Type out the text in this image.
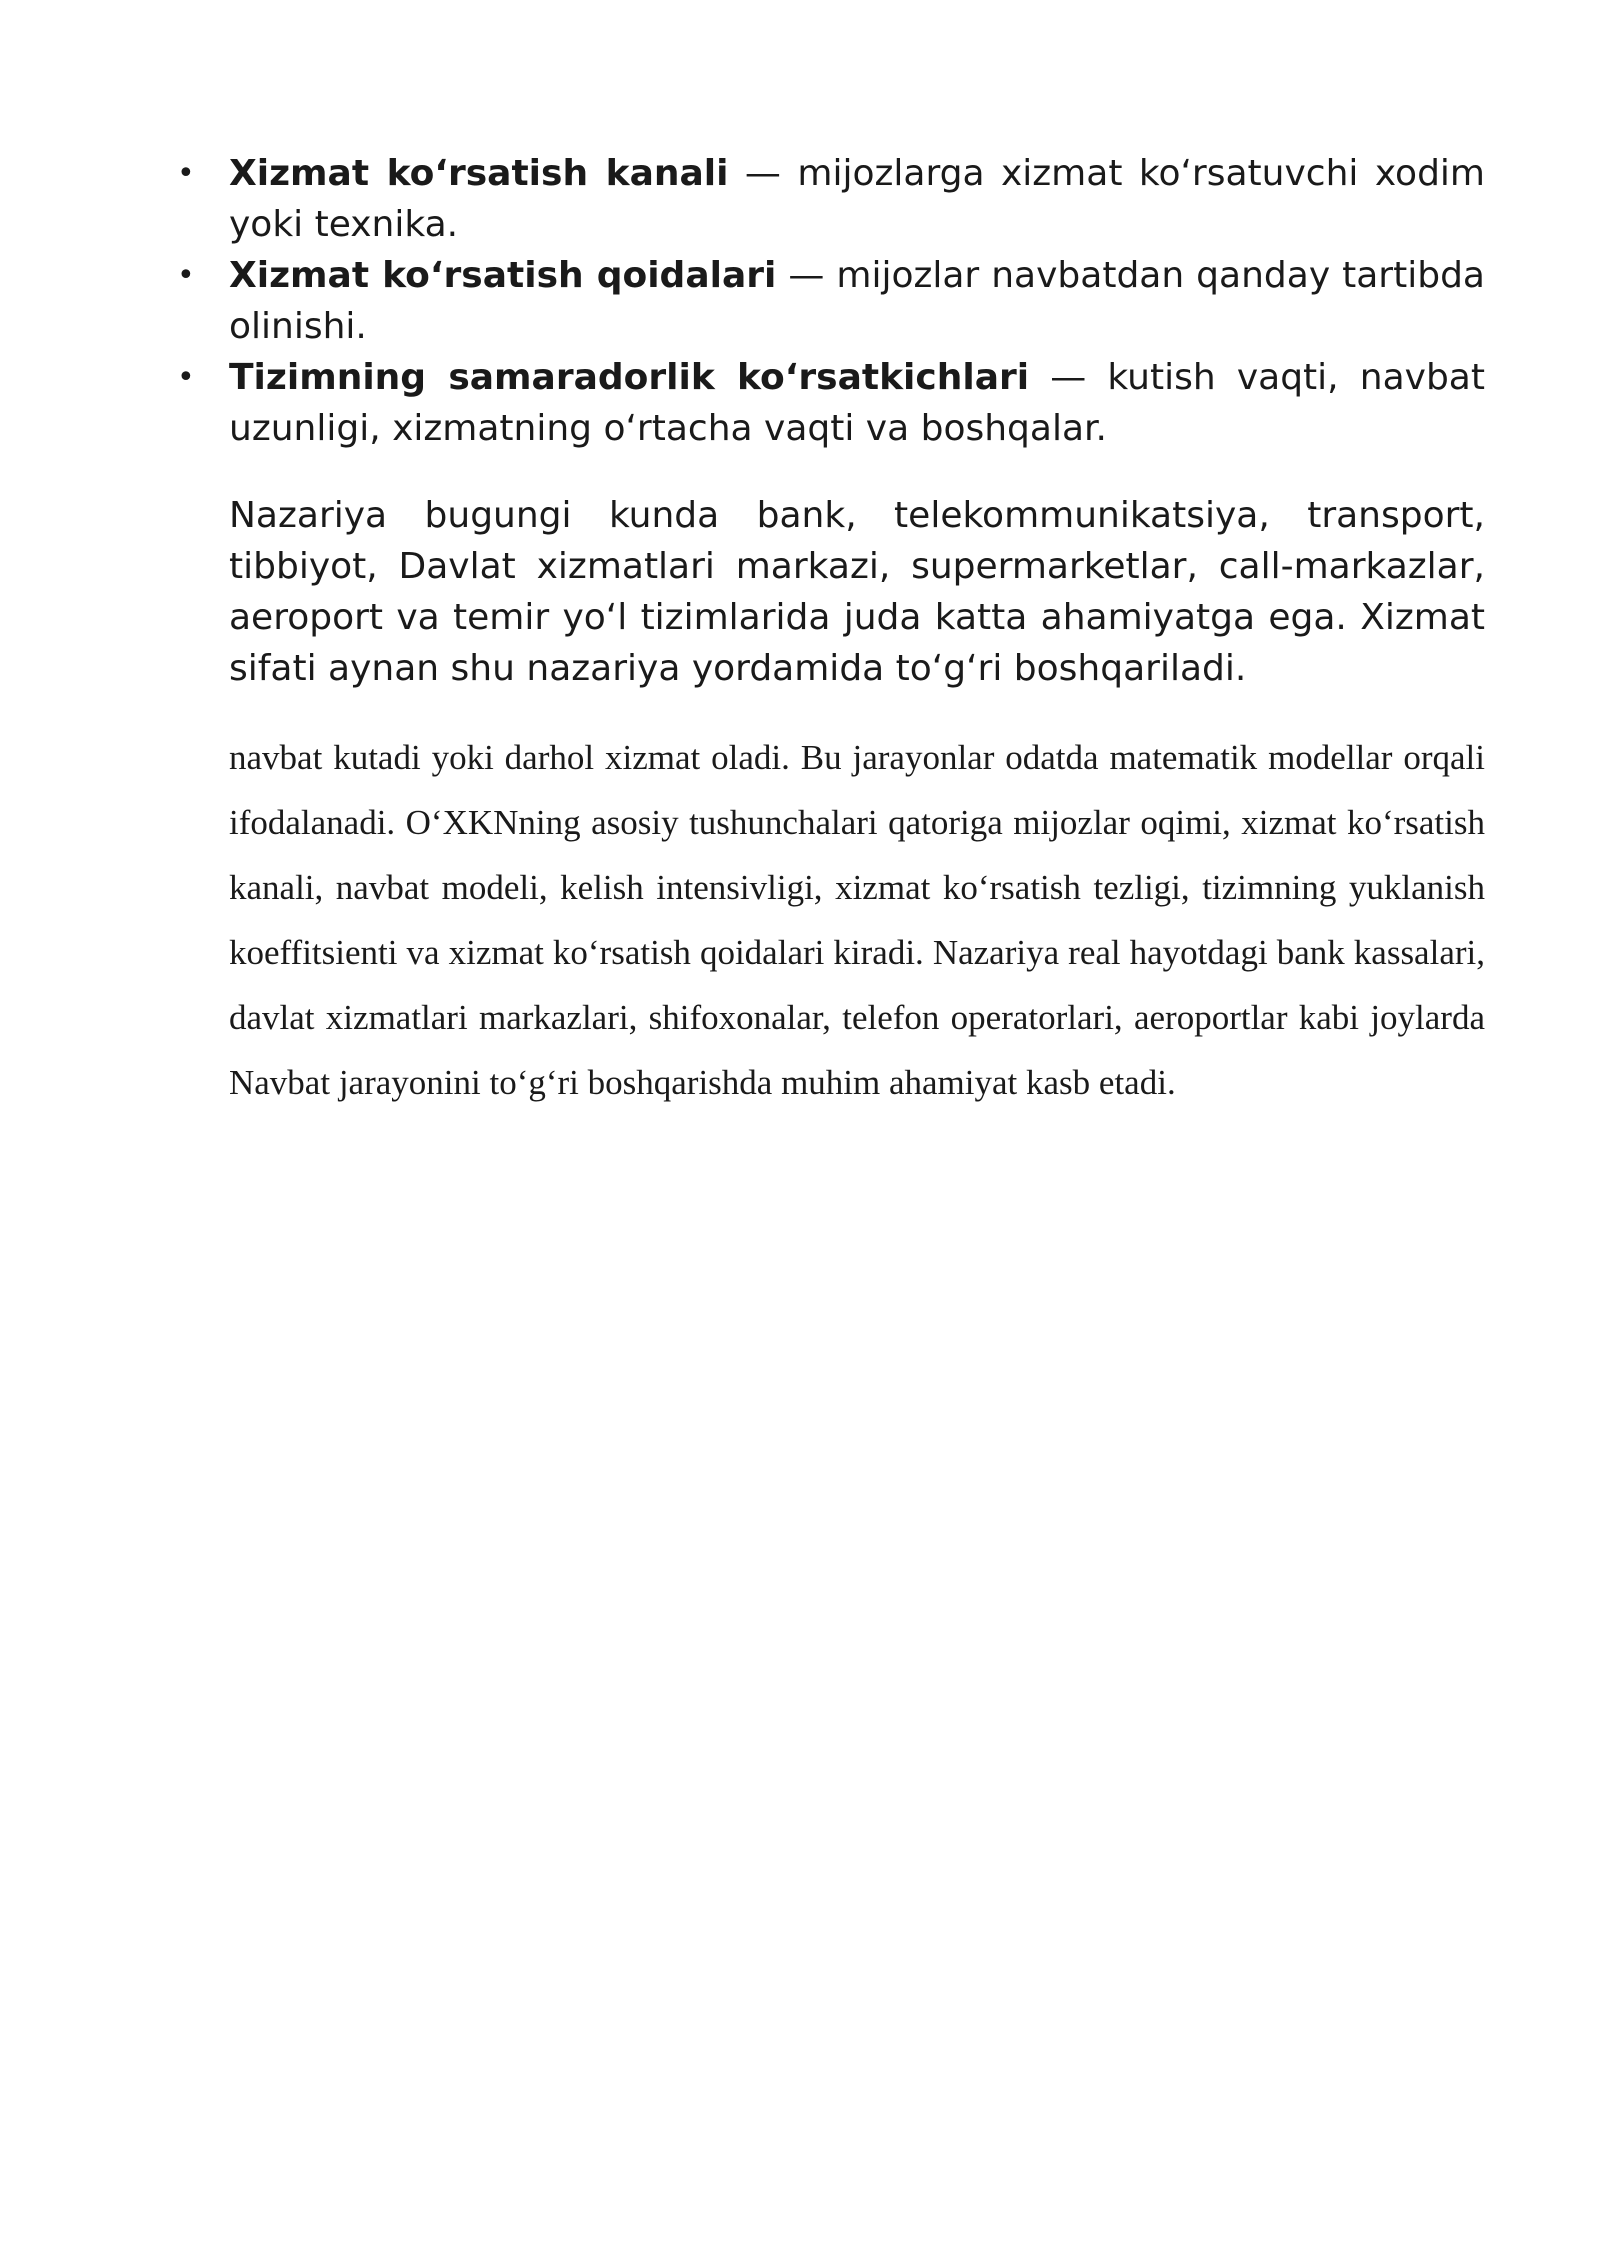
• Xizmat koʻrsatish kanali — mijozlarga xizmat koʻrsatuvchi xodim yoki texnika.
• Xizmat koʻrsatish qoidalari — mijozlar navbatdan qanday tartibda olinishi.
• Tizimning samaradorlik koʻrsatkichlari — kutish vaqti, navbat uzunligi, xizmatning oʻrtacha vaqti va boshqalar.

Nazariya bugungi kunda bank, telekommunikatsiya, transport, tibbiyot, Davlat xizmatlari markazi, supermarketlar, call-markazlar, aeroport va temir yoʻl tizimlarida juda katta ahamiyatga ega. Xizmat sifati aynan shu nazariya yordamida toʻgʻri boshqariladi.

navbat kutadi yoki darhol xizmat oladi. Bu jarayonlar odatda matematik modellar orqali ifodalanadi. OʻXKNning asosiy tushunchalari qatoriga mijozlar oqimi, xizmat koʻrsatish kanali, navbat modeli, kelish intensivligi, xizmat koʻrsatish tezligi, tizimning yuklanish koeffitsienti va xizmat koʻrsatish qoidalari kiradi. Nazariya real hayotdagi bank kassalari, davlat xizmatlari markazlari, shifoxonalar, telefon operatorlari, aeroportlar kabi joylarda Navbat jarayonini toʻgʻri boshqarishda muhim ahamiyat kasb etadi.
